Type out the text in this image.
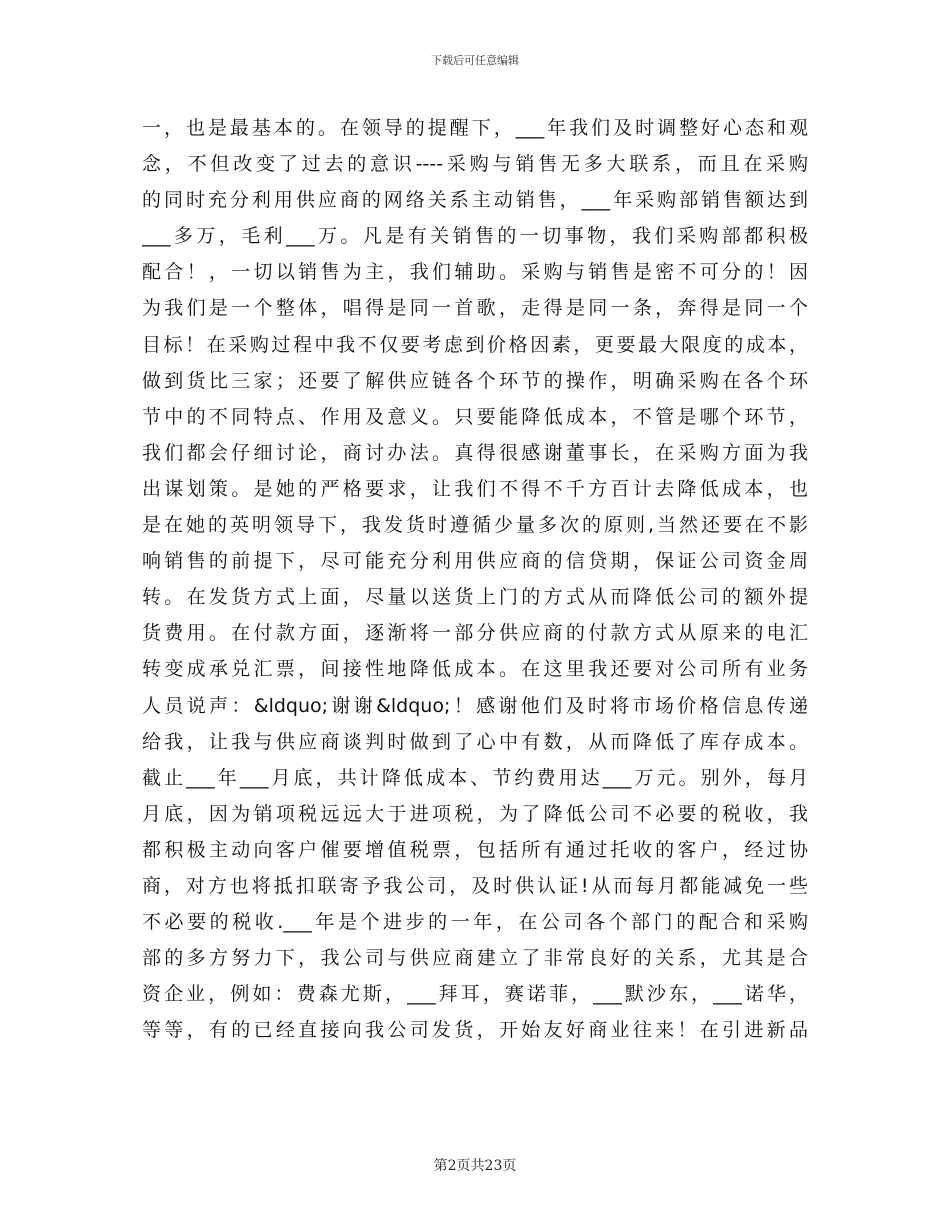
下载后可任意编辑
一，也是最基本的。在领导的提醒下，___年我们及时调整好心态和观
念，不但改变了过去的意识----采购与销售无多大联系，而且在采购
的同时充分利用供应商的网络关系主动销售，___年采购部销售额达到
___多万，毛利___万。凡是有关销售的一切事物，我们采购部都积极
配合！，一切以销售为主，我们辅助。采购与销售是密不可分的！因
为我们是一个整体，唱得是同一首歌，走得是同一条，奔得是同一个
目标！在采购过程中我不仅要考虑到价格因素，更要最大限度的成本，
做到货比三家；还要了解供应链各个环节的操作，明确采购在各个环
节中的不同特点、作用及意义。只要能降低成本，不管是哪个环节，
我们都会仔细讨论，商讨办法。真得很感谢董事长，在采购方面为我
出谋划策。是她的严格要求，让我们不得不千方百计去降低成本，也
是在她的英明领导下，我发货时遵循少量多次的原则,当然还要在不影
响销售的前提下，尽可能充分利用供应商的信贷期，保证公司资金周
转。在发货方式上面，尽量以送货上门的方式从而降低公司的额外提
货费用。在付款方面，逐渐将一部分供应商的付款方式从原来的电汇
转变成承兑汇票，间接性地降低成本。在这里我还要对公司所有业务
人员说声：&ldquo;谢谢&ldquo;！感谢他们及时将市场价格信息传递
给我，让我与供应商谈判时做到了心中有数，从而降低了库存成本。
截止___年___月底，共计降低成本、节约费用达___万元。别外，每月
月底，因为销项税远远大于进项税，为了降低公司不必要的税收，我
都积极主动向客户催要增值税票，包括所有通过托收的客户，经过协
商，对方也将抵扣联寄予我公司，及时供认证!从而每月都能减免一些
不必要的税收.___年是个进步的一年，在公司各个部门的配合和采购
部的多方努力下，我公司与供应商建立了非常良好的关系，尤其是合
资企业，例如：费森尤斯，___拜耳，赛诺菲，___默沙东，___诺华，
等等，有的已经直接向我公司发货，开始友好商业往来！在引进新品
第2页共23页
